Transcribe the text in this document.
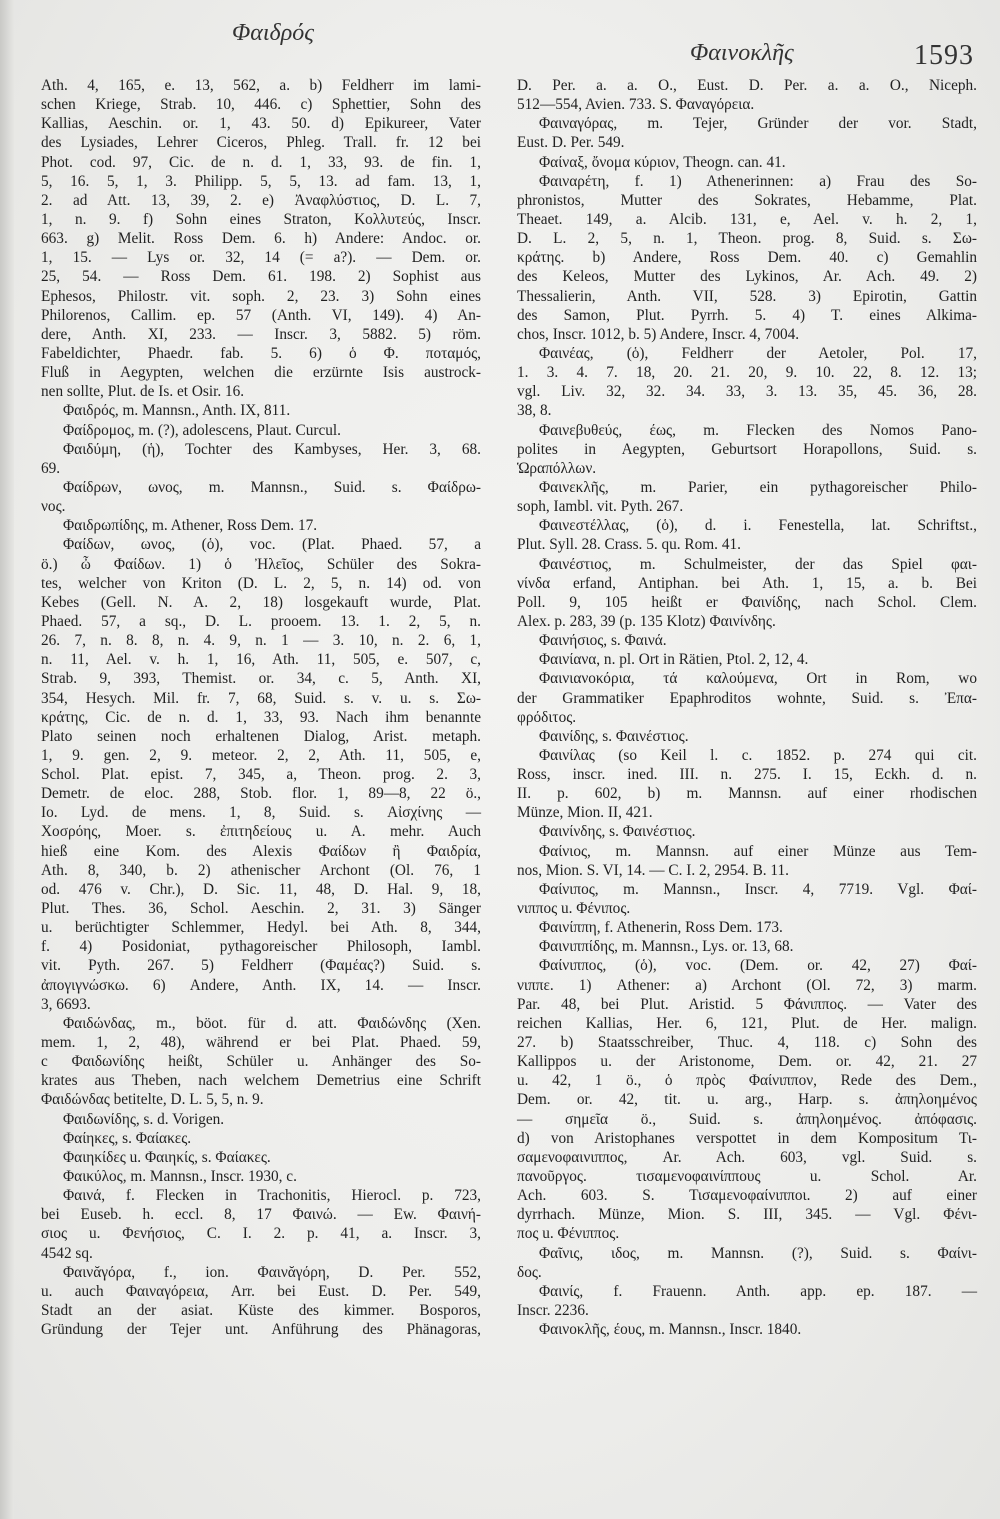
Φαιδρός
Φαινοκλῆς	1593
Ath. 4, 165, e. 13, 562, a. b) Feldherr im lami-
schen Kriege, Strab. 10, 446. c) Sphettier, Sohn des
Kallias, Aeschin. or. 1, 43. 50. d) Epikureer, Vater
des Lysiades, Lehrer Ciceros, Phleg. Trall. fr. 12 bei
Phot. cod. 97, Cic. de n. d. 1, 33, 93. de fin. 1,
5, 16. 5, 1, 3. Philipp. 5, 5, 13. ad fam. 13, 1,
2. ad Att. 13, 39, 2. e) Ἀναφλύστιος, D. L. 7,
1, n. 9. f) Sohn eines Straton, Κολλυτεύς, Inscr.
663. g) Melit. Ross Dem. 6. h) Andere: Andoc. or.
1, 15. — Lys or. 32, 14 (= a?). — Dem. or.
25, 54. — Ross Dem. 61. 198. 2) Sophist aus
Ephesos, Philostr. vit. soph. 2, 23. 3) Sohn eines
Philorenos, Callim. ep. 57 (Anth. VI, 149). 4) An-
dere, Anth. XI, 233. — Inscr. 3, 5882. 5) röm.
Fabeldichter, Phaedr. fab. 5. 6) ὁ Φ. ποταμός,
Fluß in Aegypten, welchen die erzürnte Isis austrock-
nen sollte, Plut. de Is. et Osir. 16.
Φαιδρός, m. Mannsn., Anth. IX, 811.
Φαίδρομος, m. (?), adolescens, Plaut. Curcul.
Φαιδύμη, (ἡ), Tochter des Kambyses, Her. 3, 68.
69.
Φαίδρων, ωνος, m. Mannsn., Suid. s. Φαίδρω-
νος.
Φαιδρωπίδης, m. Athener, Ross Dem. 17.
Φαίδων, ωνος, (ὁ), voc. (Plat. Phaed. 57, a
ö.) ὦ Φαίδων. 1) ὁ Ἠλεῖος, Schüler des Sokra-
tes, welcher von Kriton (D. L. 2, 5, n. 14) od. von
Kebes (Gell. N. A. 2, 18) losgekauft wurde, Plat.
Phaed. 57, a sq., D. L. prooem. 13. 1. 2, 5, n.
26. 7, n. 8. 8, n. 4. 9, n. 1 — 3. 10, n. 2. 6, 1,
n. 11, Ael. v. h. 1, 16, Ath. 11, 505, e. 507, c,
Strab. 9, 393, Themist. or. 34, c. 5, Anth. XI,
354, Hesych. Mil. fr. 7, 68, Suid. s. v. u. s. Σω-
κράτης, Cic. de n. d. 1, 33, 93. Nach ihm benannte
Plato seinen noch erhaltenen Dialog, Arist. metaph.
1, 9. gen. 2, 9. meteor. 2, 2, Ath. 11, 505, e,
Schol. Plat. epist. 7, 345, a, Theon. prog. 2. 3,
Demetr. de eloc. 288, Stob. flor. 1, 89—8, 22 ö.,
Io. Lyd. de mens. 1, 8, Suid. s. Αἰσχίνης —
Χοσρόης, Moer. s. ἐπιτηδείους u. A. mehr. Auch
hieß eine Kom. des Alexis Φαίδων ἢ Φαιδρία,
Ath. 8, 340, b. 2) athenischer Archont (Ol. 76, 1
od. 476 v. Chr.), D. Sic. 11, 48, D. Hal. 9, 18,
Plut. Thes. 36, Schol. Aeschin. 2, 31. 3) Sänger
u. berüchtigter Schlemmer, Hedyl. bei Ath. 8, 344,
f. 4) Posidoniat, pythagoreischer Philosoph, Iambl.
vit. Pyth. 267. 5) Feldherr (Φαμέας?) Suid. s.
ἀπογιγνώσκω. 6) Andere, Anth. IX, 14. — Inscr.
3, 6693.
Φαιδώνδας, m., böot. für d. att. Φαιδώνδης (Xen.
mem. 1, 2, 48), während er bei Plat. Phaed. 59,
c Φαιδωνίδης heißt, Schüler u. Anhänger des So-
krates aus Theben, nach welchem Demetrius eine Schrift
Φαιδώνδας betitelte, D. L. 5, 5, n. 9.
Φαιδωνίδης, s. d. Vorigen.
Φαίηκες, s. Φαίακες.
Φαιηκίδες u. Φαιηκίς, s. Φαίακες.
Φαικύλος, m. Mannsn., Inscr. 1930, c.
Φαινά, f. Flecken in Trachonitis, Hierocl. p. 723,
bei Euseb. h. eccl. 8, 17 Φαινώ. — Ew. Φαινή-
σιος u. Φενήσιος, C. I. 2. p. 41, a. Inscr. 3,
4542 sq.
Φαινᾰγόρα, f., ion. Φαινᾰγόρη, D. Per. 552,
u. auch Φαιναγόρεια, Arr. bei Eust. D. Per. 549,
Stadt an der asiat. Küste des kimmer. Bosporos,
Gründung der Tejer unt. Anführung des Phänagoras,
D. Per. a. a. O., Eust. D. Per. a. a. O., Niceph.
512—554, Avien. 733. S. Φαναγόρεια.
Φαιναγόρας, m. Tejer, Gründer der vor. Stadt,
Eust. D. Per. 549.
Φαίναξ, ὄνομα κύριον, Theogn. can. 41.
Φαιναρέτη, f. 1) Athenerinnen: a) Frau des So-
phronistos, Mutter des Sokrates, Hebamme, Plat.
Theaet. 149, a. Alcib. 131, e, Ael. v. h. 2, 1,
D. L. 2, 5, n. 1, Theon. prog. 8, Suid. s. Σω-
κράτης. b) Andere, Ross Dem. 40. c) Gemahlin
des Keleos, Mutter des Lykinos, Ar. Ach. 49. 2)
Thessalierin, Anth. VII, 528. 3) Epirotin, Gattin
des Samon, Plut. Pyrrh. 5. 4) T. eines Alkima-
chos, Inscr. 1012, b. 5) Andere, Inscr. 4, 7004.
Φαινέας, (ὁ), Feldherr der Aetoler, Pol. 17,
1. 3. 4. 7. 18, 20. 21. 20, 9. 10. 22, 8. 12. 13;
vgl. Liv. 32, 32. 34. 33, 3. 13. 35, 45. 36, 28.
38, 8.
Φαινεβυθεύς, έως, m. Flecken des Nomos Pano-
polites in Aegypten, Geburtsort Horapollons, Suid. s.
Ὡραπόλλων.
Φαινεκλῆς, m. Parier, ein pythagoreischer Philo-
soph, Iambl. vit. Pyth. 267.
Φαινεστέλλας, (ὁ), d. i. Fenestella, lat. Schriftst.,
Plut. Syll. 28. Crass. 5. qu. Rom. 41.
Φαινέστιος, m. Schulmeister, der das Spiel φαι-
νίνδα erfand, Antiphan. bei Ath. 1, 15, a. b. Bei
Poll. 9, 105 heißt er Φαινίδης, nach Schol. Clem.
Alex. p. 283, 39 (p. 135 Klotz) Φαινίνδης.
Φαινήσιος, s. Φαινά.
Φαινίανα, n. pl. Ort in Rätien, Ptol. 2, 12, 4.
Φαινιανοκόρια, τά καλούμενα, Ort in Rom, wo
der Grammatiker Epaphroditos wohnte, Suid. s. Ἐπα-
φρόδιτος.
Φαινίδης, s. Φαινέστιος.
Φαινίλας (so Keil l. c. 1852. p. 274 qui cit.
Ross, inscr. ined. III. n. 275. I. 15, Eckh. d. n.
II. p. 602, b) m. Mannsn. auf einer rhodischen
Münze, Mion. II, 421.
Φαινίνδης, s. Φαινέστιος.
Φαίνιος, m. Mannsn. auf einer Münze aus Tem-
nos, Mion. S. VI, 14. — C. I. 2, 2954. B. 11.
Φαίνιπος, m. Mannsn., Inscr. 4, 7719. Vgl. Φαί-
νιππος u. Φένιπος.
Φαινίππη, f. Athenerin, Ross Dem. 173.
Φαινιππίδης, m. Mannsn., Lys. or. 13, 68.
Φαίνιππος, (ὁ), voc. (Dem. or. 42, 27) Φαί-
νιππε. 1) Athener: a) Archont (Ol. 72, 3) marm.
Par. 48, bei Plut. Aristid. 5 Φάνιππος. — Vater des
reichen Kallias, Her. 6, 121, Plut. de Her. malign.
27. b) Staatsschreiber, Thuc. 4, 118. c) Sohn des
Kallippos u. der Aristonome, Dem. or. 42, 21. 27
u. 42, 1 ö., ὁ πρὸς Φαίνιππον, Rede des Dem.,
Dem. or. 42, tit. u. arg., Harp. s. ἀπηλοημένος
— σημεῖα ö., Suid. s. ἀπηλοημένος. ἀπόφασις.
d) von Aristophanes verspottet in dem Kompositum Τι-
σαμενοφαινιππος, Ar. Ach. 603, vgl. Suid. s.
πανοῦργος. τισαμενοφαινίππους u. Schol. Ar.
Ach. 603. S. Τισαμενοφαίνιπποι. 2) auf einer
dyrrhach. Münze, Mion. S. III, 345. — Vgl. Φένι-
πος u. Φένιππος.
Φαῖνις, ιδος, m. Mannsn. (?), Suid. s. Φαίνι-
δος.
Φαινίς, f. Frauenn. Anth. app. ep. 187. —
Inscr. 2236.
Φαινοκλῆς, έους, m. Mannsn., Inscr. 1840.
